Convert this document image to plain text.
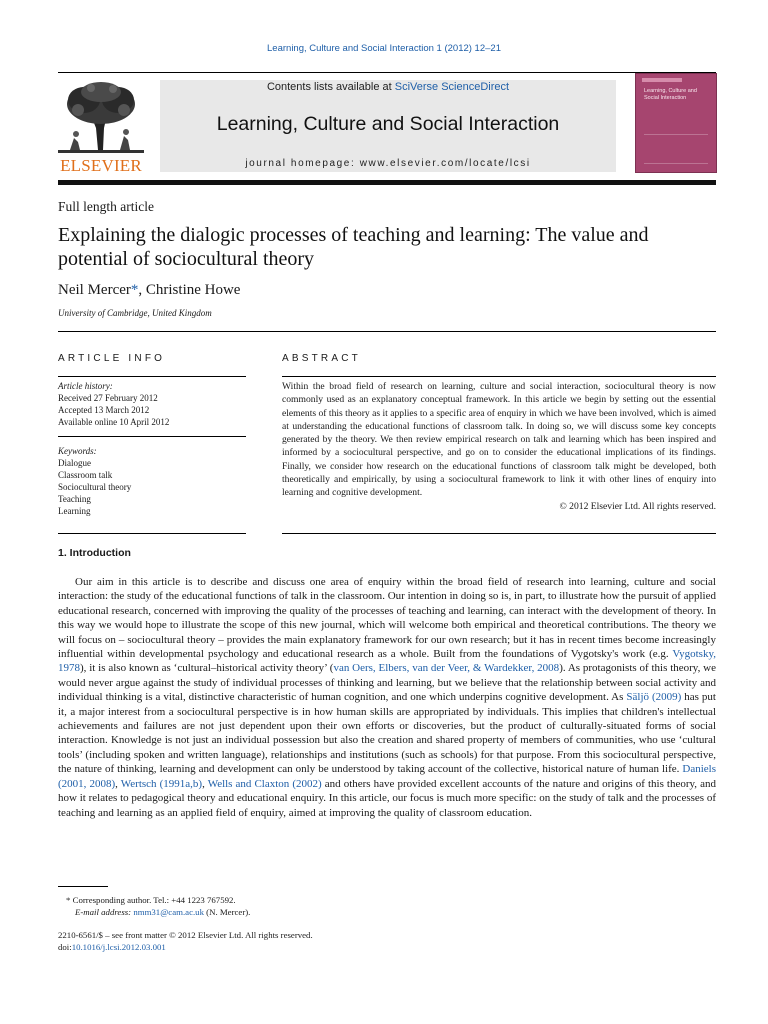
Learning, Culture and Social Interaction 1 (2012) 12–21
ELSEVIER
Contents lists available at SciVerse ScienceDirect
Learning, Culture and Social Interaction
journal homepage: www.elsevier.com/locate/lcsi
Learning, Culture and Social Interaction
Full length article
Explaining the dialogic processes of teaching and learning: The value and potential of sociocultural theory
Neil Mercer*, Christine Howe
University of Cambridge, United Kingdom
ARTICLE INFO	ABSTRACT
Article history:
Received 27 February 2012
Accepted 13 March 2012
Available online 10 April 2012
Keywords:
Dialogue
Classroom talk
Sociocultural theory
Teaching
Learning
Within the broad field of research on learning, culture and social interaction, sociocultural theory is now commonly used as an explanatory conceptual framework. In this article we begin by setting out the essential elements of this theory as it applies to a specific area of enquiry in which we have been involved, which is aimed at understanding the educational functions of classroom talk. In doing so, we will discuss some key concepts generated by the theory. We then review empirical research on talk and learning which has been inspired and informed by a sociocultural perspective, and go on to consider the educational implications of its findings. Finally, we consider how research on the educational functions of classroom talk might be developed, both theoretically and empirically, by using a sociocultural framework to link it with other lines of enquiry into learning and cognitive development.
© 2012 Elsevier Ltd. All rights reserved.
1. Introduction
Our aim in this article is to describe and discuss one area of enquiry within the broad field of research into learning, culture and social interaction: the study of the educational functions of talk in the classroom. Our intention in doing so is, in part, to illustrate how the pursuit of applied educational research, concerned with improving the quality of the processes of teaching and learning, can interact with the development of theory. In this way we would hope to illustrate the scope of this new journal, which will welcome both empirical and theoretical contributions. The theory we will focus on – sociocultural theory – provides the main explanatory framework for our own research; but it has in recent times become increasingly influential within developmental psychology and educational research as a whole. Built from the foundations of Vygotsky's work (e.g. Vygotsky, 1978), it is also known as ‘cultural–historical activity theory’ (van Oers, Elbers, van der Veer, & Wardekker, 2008). As protagonists of this theory, we would never argue against the study of individual processes of thinking and learning, but we believe that the relationship between social activity and individual thinking is a vital, distinctive characteristic of human cognition, and one which underpins cognitive development. As Säljö (2009) has put it, a major interest from a sociocultural perspective is in how human skills are appropriated by individuals. This implies that children's intellectual achievements and failures are not just dependent upon their own efforts or discoveries, but the product of culturally-situated forms of social interaction. Knowledge is not just an individual possession but also the creation and shared property of members of communities, who use ‘cultural tools’ (including spoken and written language), relationships and institutions (such as schools) for that purpose. From this sociocultural perspective, the nature of thinking, learning and development can only be understood by taking account of the collective, historical nature of human life. Daniels (2001, 2008), Wertsch (1991a,b), Wells and Claxton (2002) and others have provided excellent accounts of the nature and origins of this theory, and how it relates to pedagogical theory and educational enquiry. In this article, our focus is much more specific: on the study of talk and the processes of teaching and learning as an applied field of enquiry, aimed at improving the quality of classroom education.
* Corresponding author. Tel.: +44 1223 767592.
E-mail address: nmm31@cam.ac.uk (N. Mercer).
2210-6561/$ – see front matter © 2012 Elsevier Ltd. All rights reserved.
doi:10.1016/j.lcsi.2012.03.001
